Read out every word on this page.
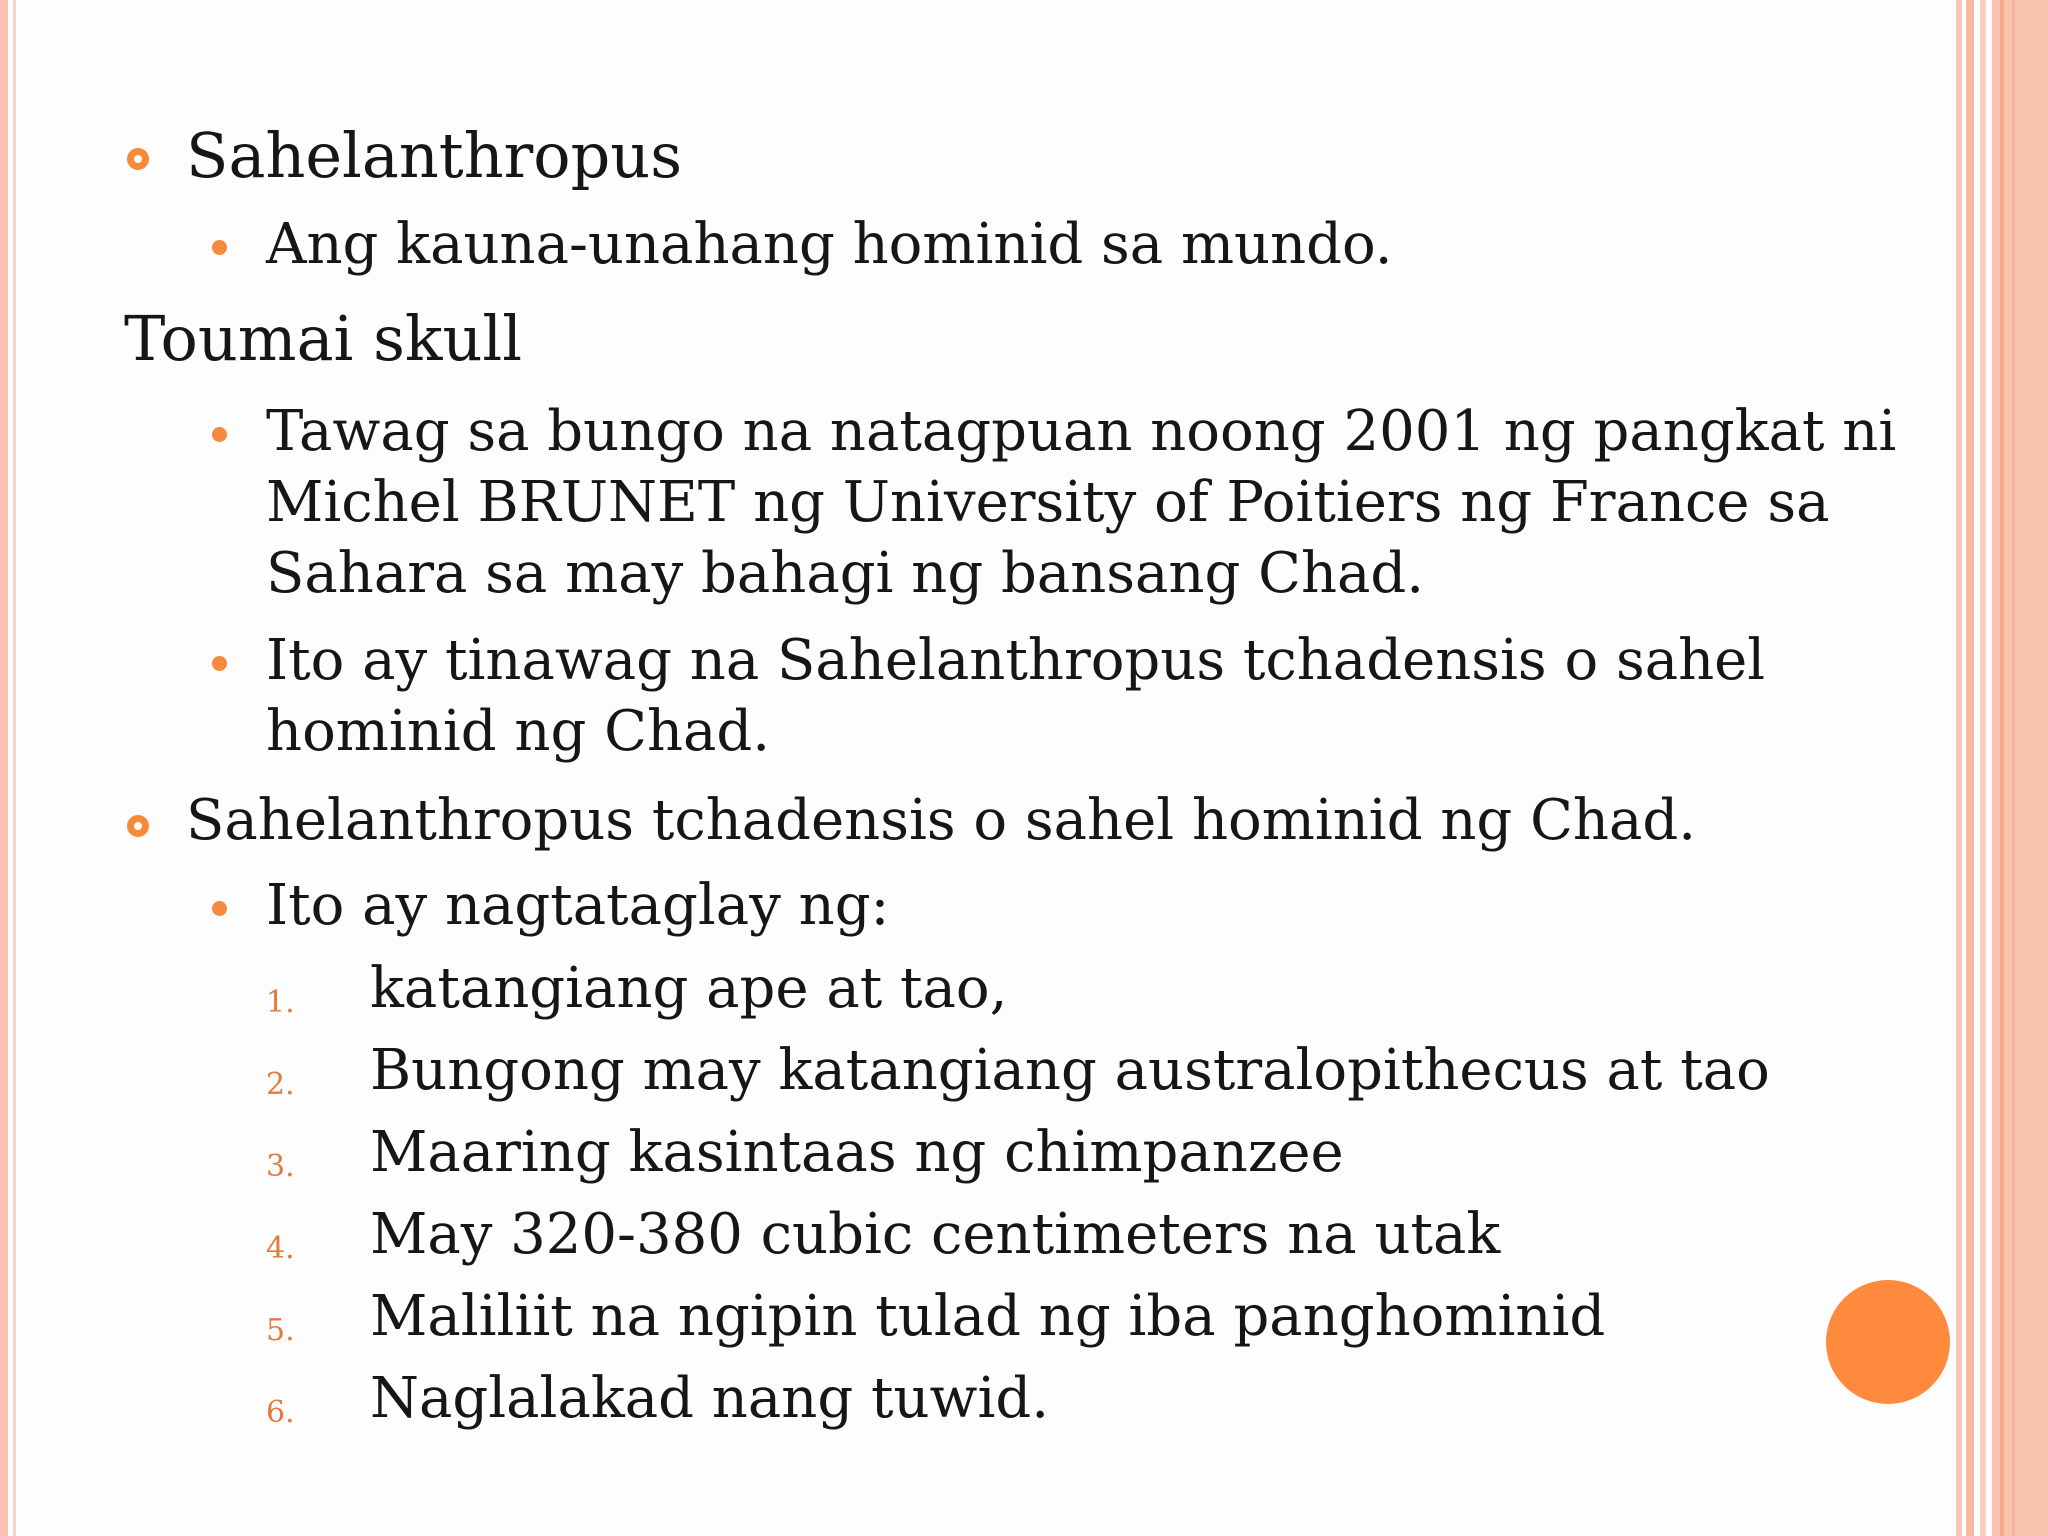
Sahelanthropus
Ang kauna-unahang hominid sa mundo.
Toumai skull
Tawag sa bungo na natagpuan noong 2001 ng pangkat ni
Michel BRUNET ng University of Poitiers ng France sa
Sahara sa may bahagi ng bansang Chad.
Ito ay tinawag na Sahelanthropus tchadensis o sahel
hominid ng Chad.
Sahelanthropus tchadensis o sahel hominid ng Chad.
Ito ay nagtataglay ng:
1. katangiang ape at tao,
2. Bungong may katangiang australopithecus at tao
3. Maaring kasintaas ng chimpanzee
4. May 320-380 cubic centimeters na utak
5. Maliliit na ngipin tulad ng iba panghominid
6. Naglalakad nang tuwid.
